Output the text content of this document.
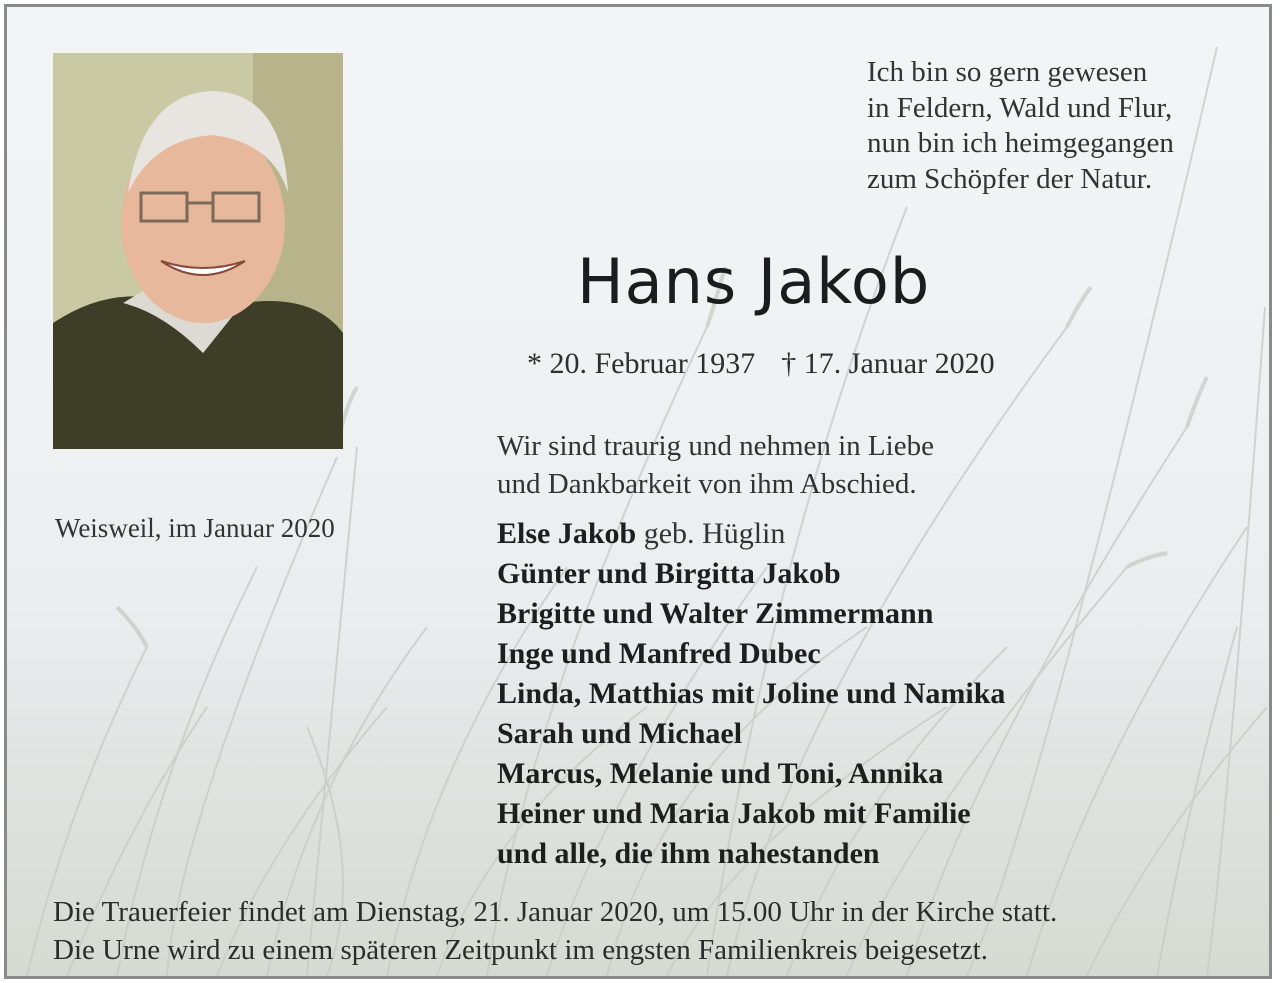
Ich bin so gern gewesen
in Feldern, Wald und Flur,
nun bin ich heimgegangen
zum Schöpfer der Natur.
Hans Jakob
* 20. Februar 1937 † 17. Januar 2020
Wir sind traurig und nehmen in Liebe
und Dankbarkeit von ihm Abschied.
Weisweil, im Januar 2020	Else Jakob geb. Hüglin
Günter und Birgitta Jakob
Brigitte und Walter Zimmermann
Inge und Manfred Dubec
Linda, Matthias mit Joline und Namika
Sarah und Michael
Marcus, Melanie und Toni, Annika
Heiner und Maria Jakob mit Familie
und alle, die ihm nahestanden
Die Trauerfeier findet am Dienstag, 21. Januar 2020, um 15.00 Uhr in der Kirche statt.
Die Urne wird zu einem späteren Zeitpunkt im engsten Familienkreis beigesetzt.
